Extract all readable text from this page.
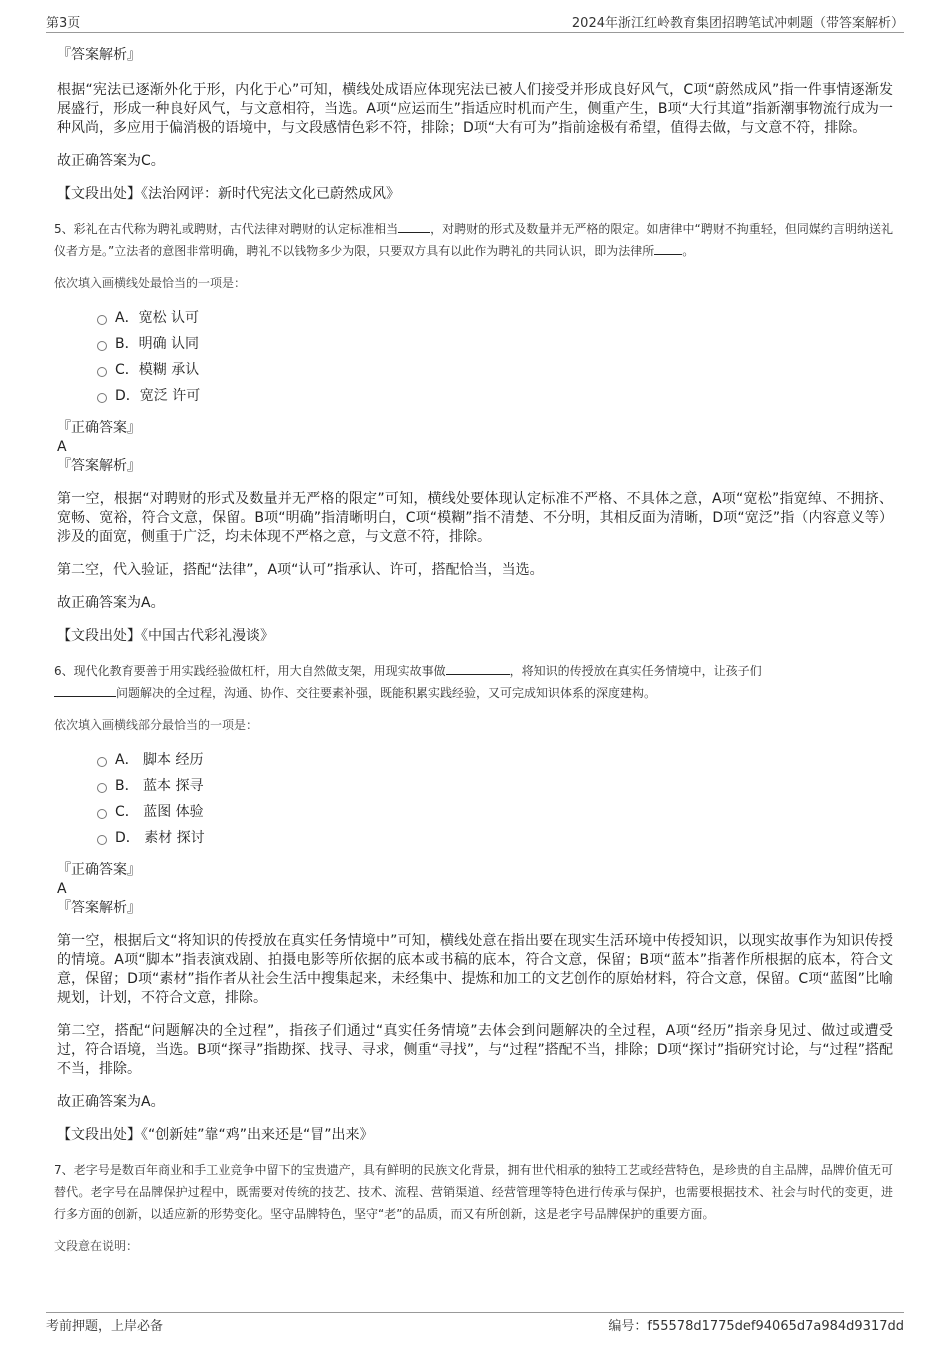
第3页	2024年浙江红岭教育集团招聘笔试冲刺题（带答案解析）

『答案解析』

根据“宪法已逐渐外化于形，内化于心”可知，横线处成语应体现宪法已被人们接受并形成良好风气，C项“蔚然成风”指一件事情逐渐发展盛行，形成一种良好风气，与文意相符，当选。A项“应运而生”指适应时机而产生，侧重产生，B项“大行其道”指新潮事物流行成为一种风尚，多应用于偏消极的语境中，与文段感情色彩不符，排除；D项“大有可为”指前途极有希望，值得去做，与文意不符，排除。

故正确答案为C。

【文段出处】《法治网评：新时代宪法文化已蔚然成风》

5、彩礼在古代称为聘礼或聘财，古代法律对聘财的认定标准相当	，对聘财的形式及数量并无严格的限定。如唐律中“聘财不拘重轻，但同媒约言明纳送礼仪者方是。”立法者的意图非常明确，聘礼不以钱物多少为限，只要双方具有以此作为聘礼的共同认识，即为法律所 。

依次填入画横线处最恰当的一项是：

A．宽松 认可
B．明确 认同
C．模糊 承认
D．宽泛 许可

『正确答案』

A

『答案解析』

第一空，根据“对聘财的形式及数量并无严格的限定”可知，横线处要体现认定标准不严格、不具体之意，A项“宽松”指宽绰、不拥挤、宽畅、宽裕，符合文意，保留。B项“明确”指清晰明白，C项“模糊”指不清楚、不分明，其相反面为清晰，D项“宽泛”指（内容意义等）涉及的面宽，侧重于广泛，均未体现不严格之意，与文意不符，排除。

第二空，代入验证，搭配“法律”，A项“认可”指承认、许可，搭配恰当，当选。

故正确答案为A。

【文段出处】《中国古代彩礼漫谈》

6、现代化教育要善于用实践经验做杠杆，用大自然做支架，用现实故事做	，将知识的传授放在真实任务情境中，让孩子们
问题解决的全过程，沟通、协作、交往要素补强，既能积累实践经验，又可完成知识体系的深度建构。

依次填入画横线部分最恰当的一项是：

A． 脚本 经历
B． 蓝本 探寻
C． 蓝图 体验
D． 素材 探讨

『正确答案』

A

『答案解析』

第一空，根据后文“将知识的传授放在真实任务情境中”可知，横线处意在指出要在现实生活环境中传授知识，以现实故事作为知识传授的情境。A项“脚本”指表演戏剧、拍摄电影等所依据的底本或书稿的底本，符合文意，保留；B项“蓝本”指著作所根据的底本，符合文意，保留；D项“素材”指作者从社会生活中搜集起来，未经集中、提炼和加工的文艺创作的原始材料，符合文意，保留。C项“蓝图”比喻规划，计划，不符合文意，排除。

第二空，搭配“问题解决的全过程”，指孩子们通过“真实任务情境”去体会到问题解决的全过程，A项“经历”指亲身见过、做过或遭受过，符合语境，当选。B项“探寻”指勘探、找寻、寻求，侧重“寻找”，与“过程”搭配不当，排除；D项“探讨”指研究讨论，与“过程”搭配不当，排除。

故正确答案为A。

【文段出处】《“创新娃”靠“鸡”出来还是“冒”出来》

7、老字号是数百年商业和手工业竞争中留下的宝贵遗产，具有鲜明的民族文化背景，拥有世代相承的独特工艺或经营特色，是珍贵的自主品牌，品牌价值无可替代。老字号在品牌保护过程中，既需要对传统的技艺、技术、流程、营销渠道、经营管理等特色进行传承与保护，也需要根据技术、社会与时代的变更，进行多方面的创新，以适应新的形势变化。坚守品牌特色，坚守“老”的品质，而又有所创新，这是老字号品牌保护的重要方面。

文段意在说明：

考前押题，上岸必备	编号：f55578d1775def94065d7a984d9317dd
